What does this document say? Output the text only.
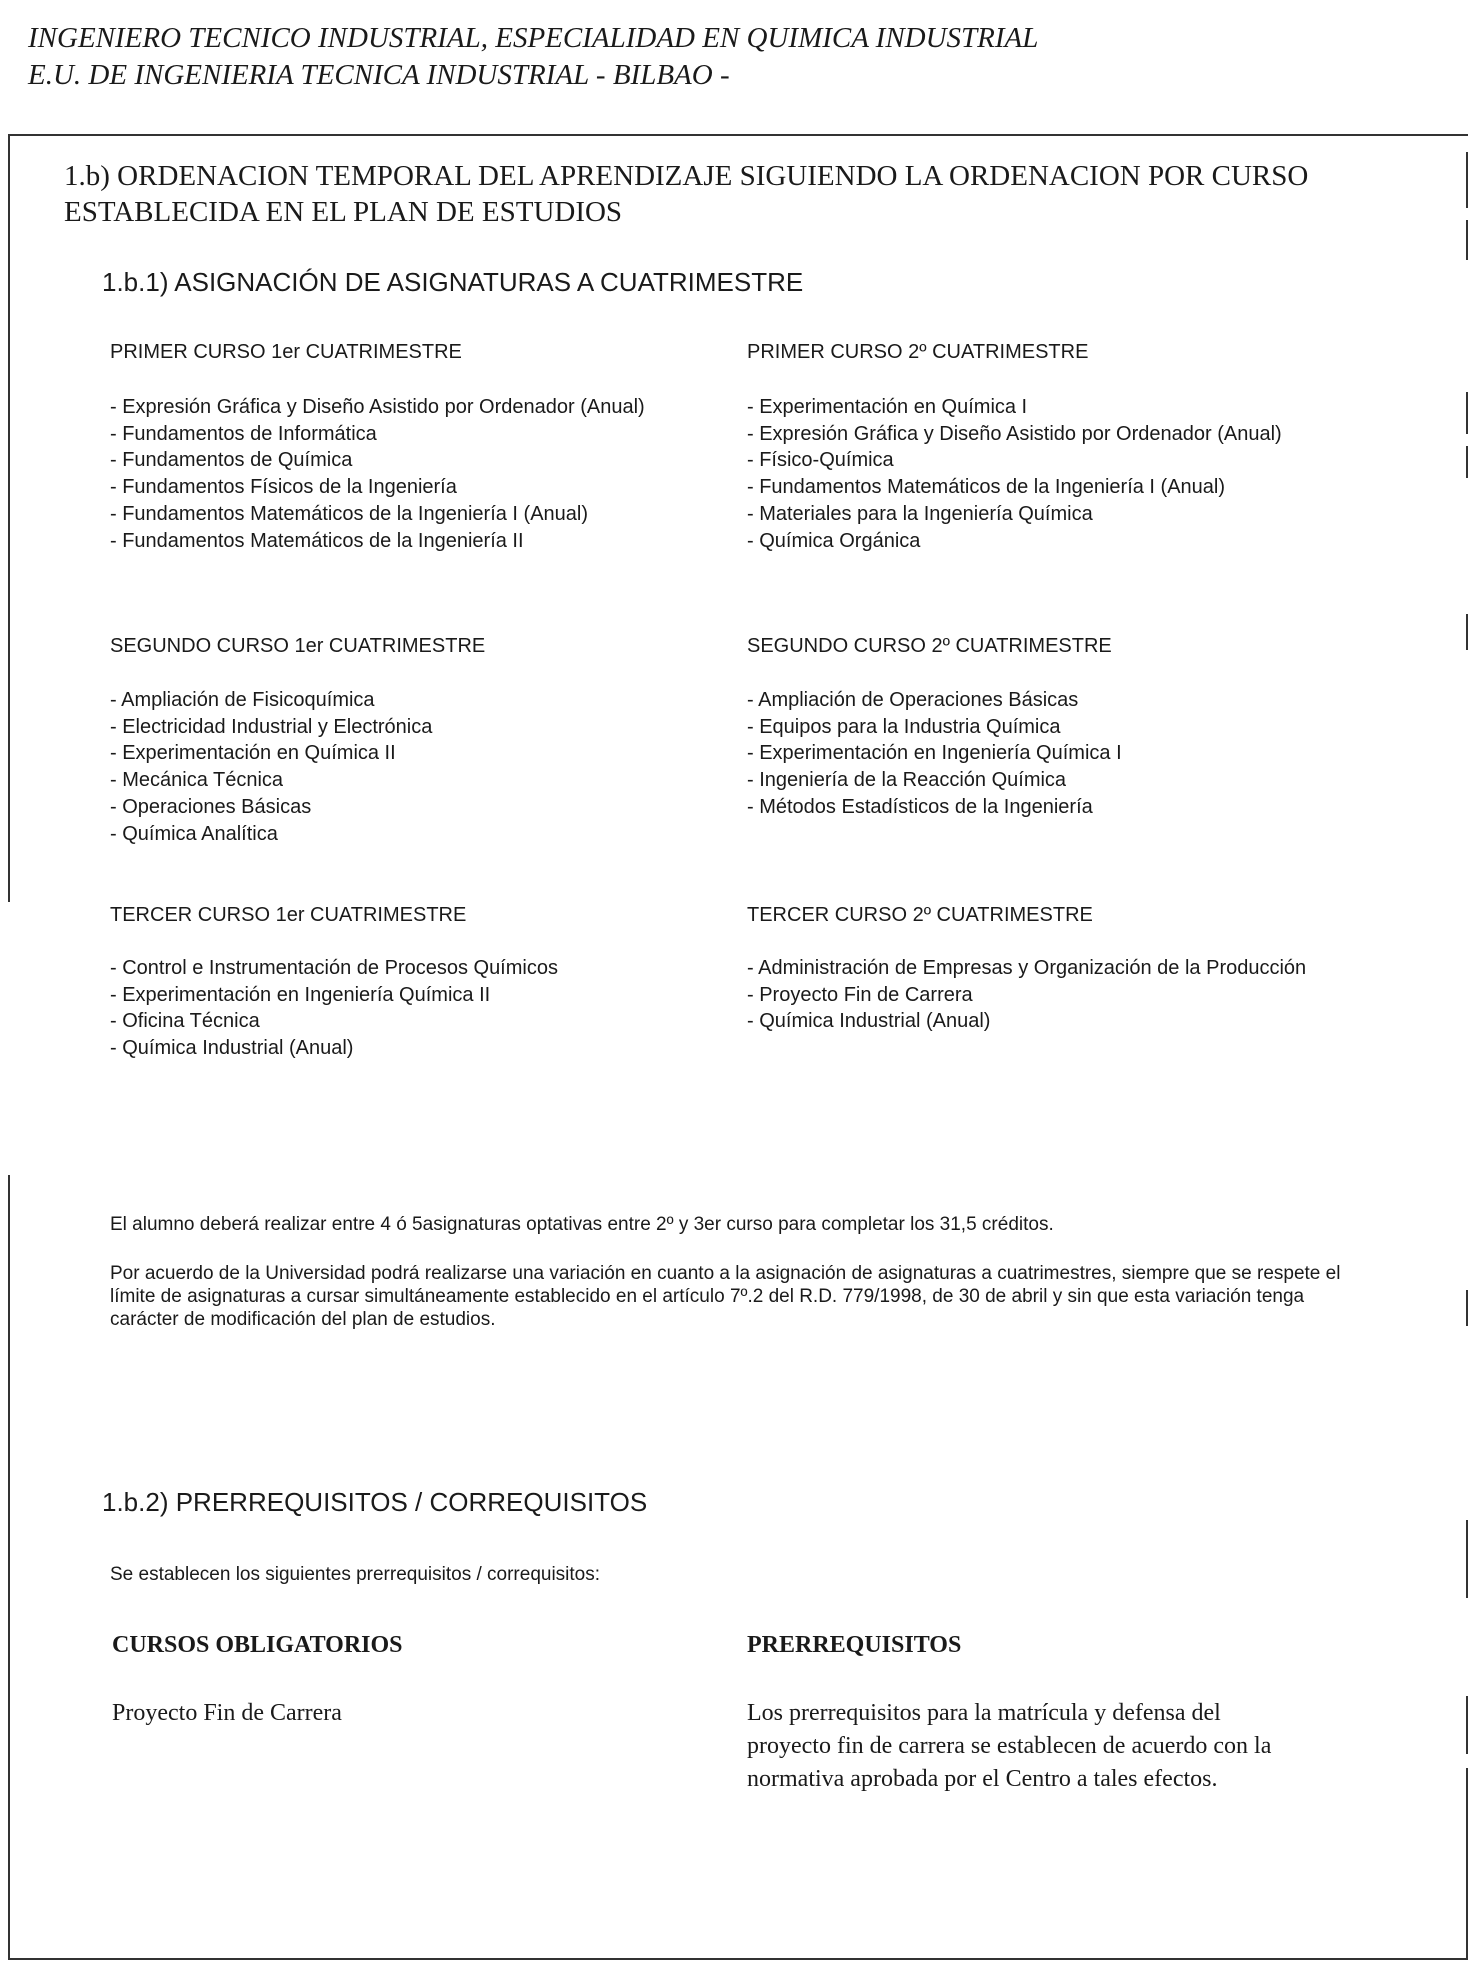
INGENIERO TECNICO INDUSTRIAL, ESPECIALIDAD EN QUIMICA INDUSTRIAL
E.U. DE INGENIERIA TECNICA INDUSTRIAL - BILBAO -
1.b) ORDENACION TEMPORAL DEL APRENDIZAJE SIGUIENDO LA ORDENACION POR CURSO ESTABLECIDA EN EL PLAN DE ESTUDIOS
1.b.1) ASIGNACIÓN DE ASIGNATURAS A CUATRIMESTRE
PRIMER CURSO 1er CUATRIMESTRE
- Expresión Gráfica y Diseño Asistido por Ordenador (Anual)
- Fundamentos de Informática
- Fundamentos de Química
- Fundamentos Físicos de la Ingeniería
- Fundamentos Matemáticos de la Ingeniería I (Anual)
- Fundamentos Matemáticos de la Ingeniería II
PRIMER CURSO 2º CUATRIMESTRE
- Experimentación en Química I
- Expresión Gráfica y Diseño Asistido por Ordenador (Anual)
- Físico-Química
- Fundamentos Matemáticos de la Ingeniería I (Anual)
- Materiales para la Ingeniería Química
- Química Orgánica
SEGUNDO CURSO 1er CUATRIMESTRE
- Ampliación de Fisicoquímica
- Electricidad Industrial y Electrónica
- Experimentación en Química II
- Mecánica Técnica
- Operaciones Básicas
- Química Analítica
SEGUNDO CURSO 2º CUATRIMESTRE
- Ampliación de Operaciones Básicas
- Equipos para la Industria Química
- Experimentación en Ingeniería Química I
- Ingeniería de la Reacción Química
- Métodos Estadísticos de la Ingeniería
TERCER CURSO 1er CUATRIMESTRE
- Control e Instrumentación de Procesos Químicos
- Experimentación en Ingeniería Química II
- Oficina Técnica
- Química Industrial (Anual)
TERCER CURSO 2º CUATRIMESTRE
- Administración de Empresas y Organización de la Producción
- Proyecto Fin de Carrera
- Química Industrial (Anual)
El alumno deberá realizar entre 4 ó 5asignaturas optativas entre 2º y 3er curso para completar los 31,5 créditos.
Por acuerdo de la Universidad podrá realizarse una variación en cuanto a la asignación de asignaturas a cuatrimestres, siempre que se respete el límite de asignaturas a cursar simultáneamente establecido en el artículo 7º.2 del R.D. 779/1998, de 30 de abril y sin que esta variación tenga carácter de modificación del plan de estudios.
1.b.2) PRERREQUISITOS / CORREQUISITOS
Se establecen los siguientes prerrequisitos / correquisitos:
CURSOS OBLIGATORIOS	PRERREQUISITOS
Proyecto Fin de Carrera	Los prerrequisitos para la matrícula y defensa del proyecto fin de carrera se establecen de acuerdo con la normativa aprobada por el Centro a tales efectos.
